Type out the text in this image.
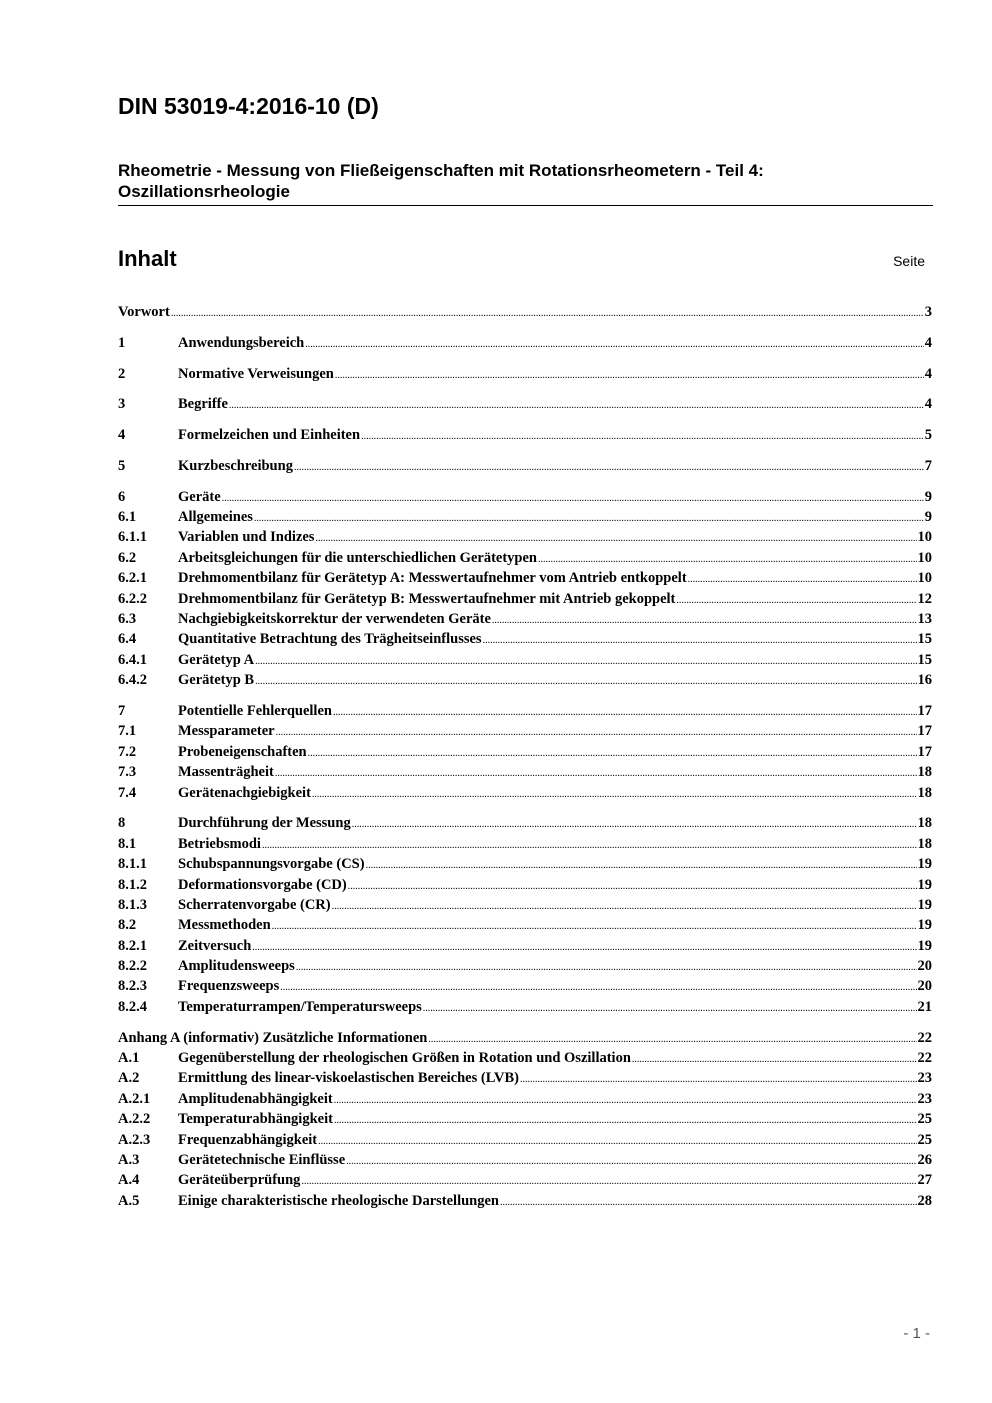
DIN 53019-4:2016-10 (D)
Rheometrie - Messung von Fließeigenschaften mit Rotationsrheometern - Teil 4: Oszillationsrheologie
Inhalt	Seite
Vorwort .....	3
1	Anwendungsbereich .....	4
2	Normative Verweisungen .....	4
3	Begriffe .....	4
4	Formelzeichen und Einheiten .....	5
5	Kurzbeschreibung .....	7
6	Geräte .....	9
6.1	Allgemeines .....	9
6.1.1	Variablen und Indizes .....	10
6.2	Arbeitsgleichungen für die unterschiedlichen Gerätetypen .....	10
6.2.1	Drehmomentbilanz für Gerätetyp A: Messwertaufnehmer vom Antrieb entkoppelt .....	10
6.2.2	Drehmomentbilanz für Gerätetyp B: Messwertaufnehmer mit Antrieb gekoppelt .....	12
6.3	Nachgiebigkeitskorrektur der verwendeten Geräte .....	13
6.4	Quantitative Betrachtung des Trägheitseinflusses .....	15
6.4.1	Gerätetyp A .....	15
6.4.2	Gerätetyp B .....	16
7	Potentielle Fehlerquellen .....	17
7.1	Messparameter .....	17
7.2	Probeneigenschaften .....	17
7.3	Massenträgheit .....	18
7.4	Gerätenachgiebigkeit .....	18
8	Durchführung der Messung .....	18
8.1	Betriebsmodi .....	18
8.1.1	Schubspannungsvorgabe (CS) .....	19
8.1.2	Deformationsvorgabe (CD) .....	19
8.1.3	Scherratenvorgabe (CR) .....	19
8.2	Messmethoden .....	19
8.2.1	Zeitversuch .....	19
8.2.2	Amplitudensweeps .....	20
8.2.3	Frequenzsweeps .....	20
8.2.4	Temperaturrampen/Temperatursweeps .....	21
Anhang A (informativ) Zusätzliche Informationen .....	22
A.1	Gegenüberstellung der rheologischen Größen in Rotation und Oszillation .....	22
A.2	Ermittlung des linear-viskoelastischen Bereiches (LVB) .....	23
A.2.1	Amplitudenabhängigkeit .....	23
A.2.2	Temperaturabhängigkeit .....	25
A.2.3	Frequenzabhängigkeit .....	25
A.3	Gerätetechnische Einflüsse .....	26
A.4	Geräteüberprüfung .....	27
A.5	Einige charakteristische rheologische Darstellungen .....	28
- 1 -
